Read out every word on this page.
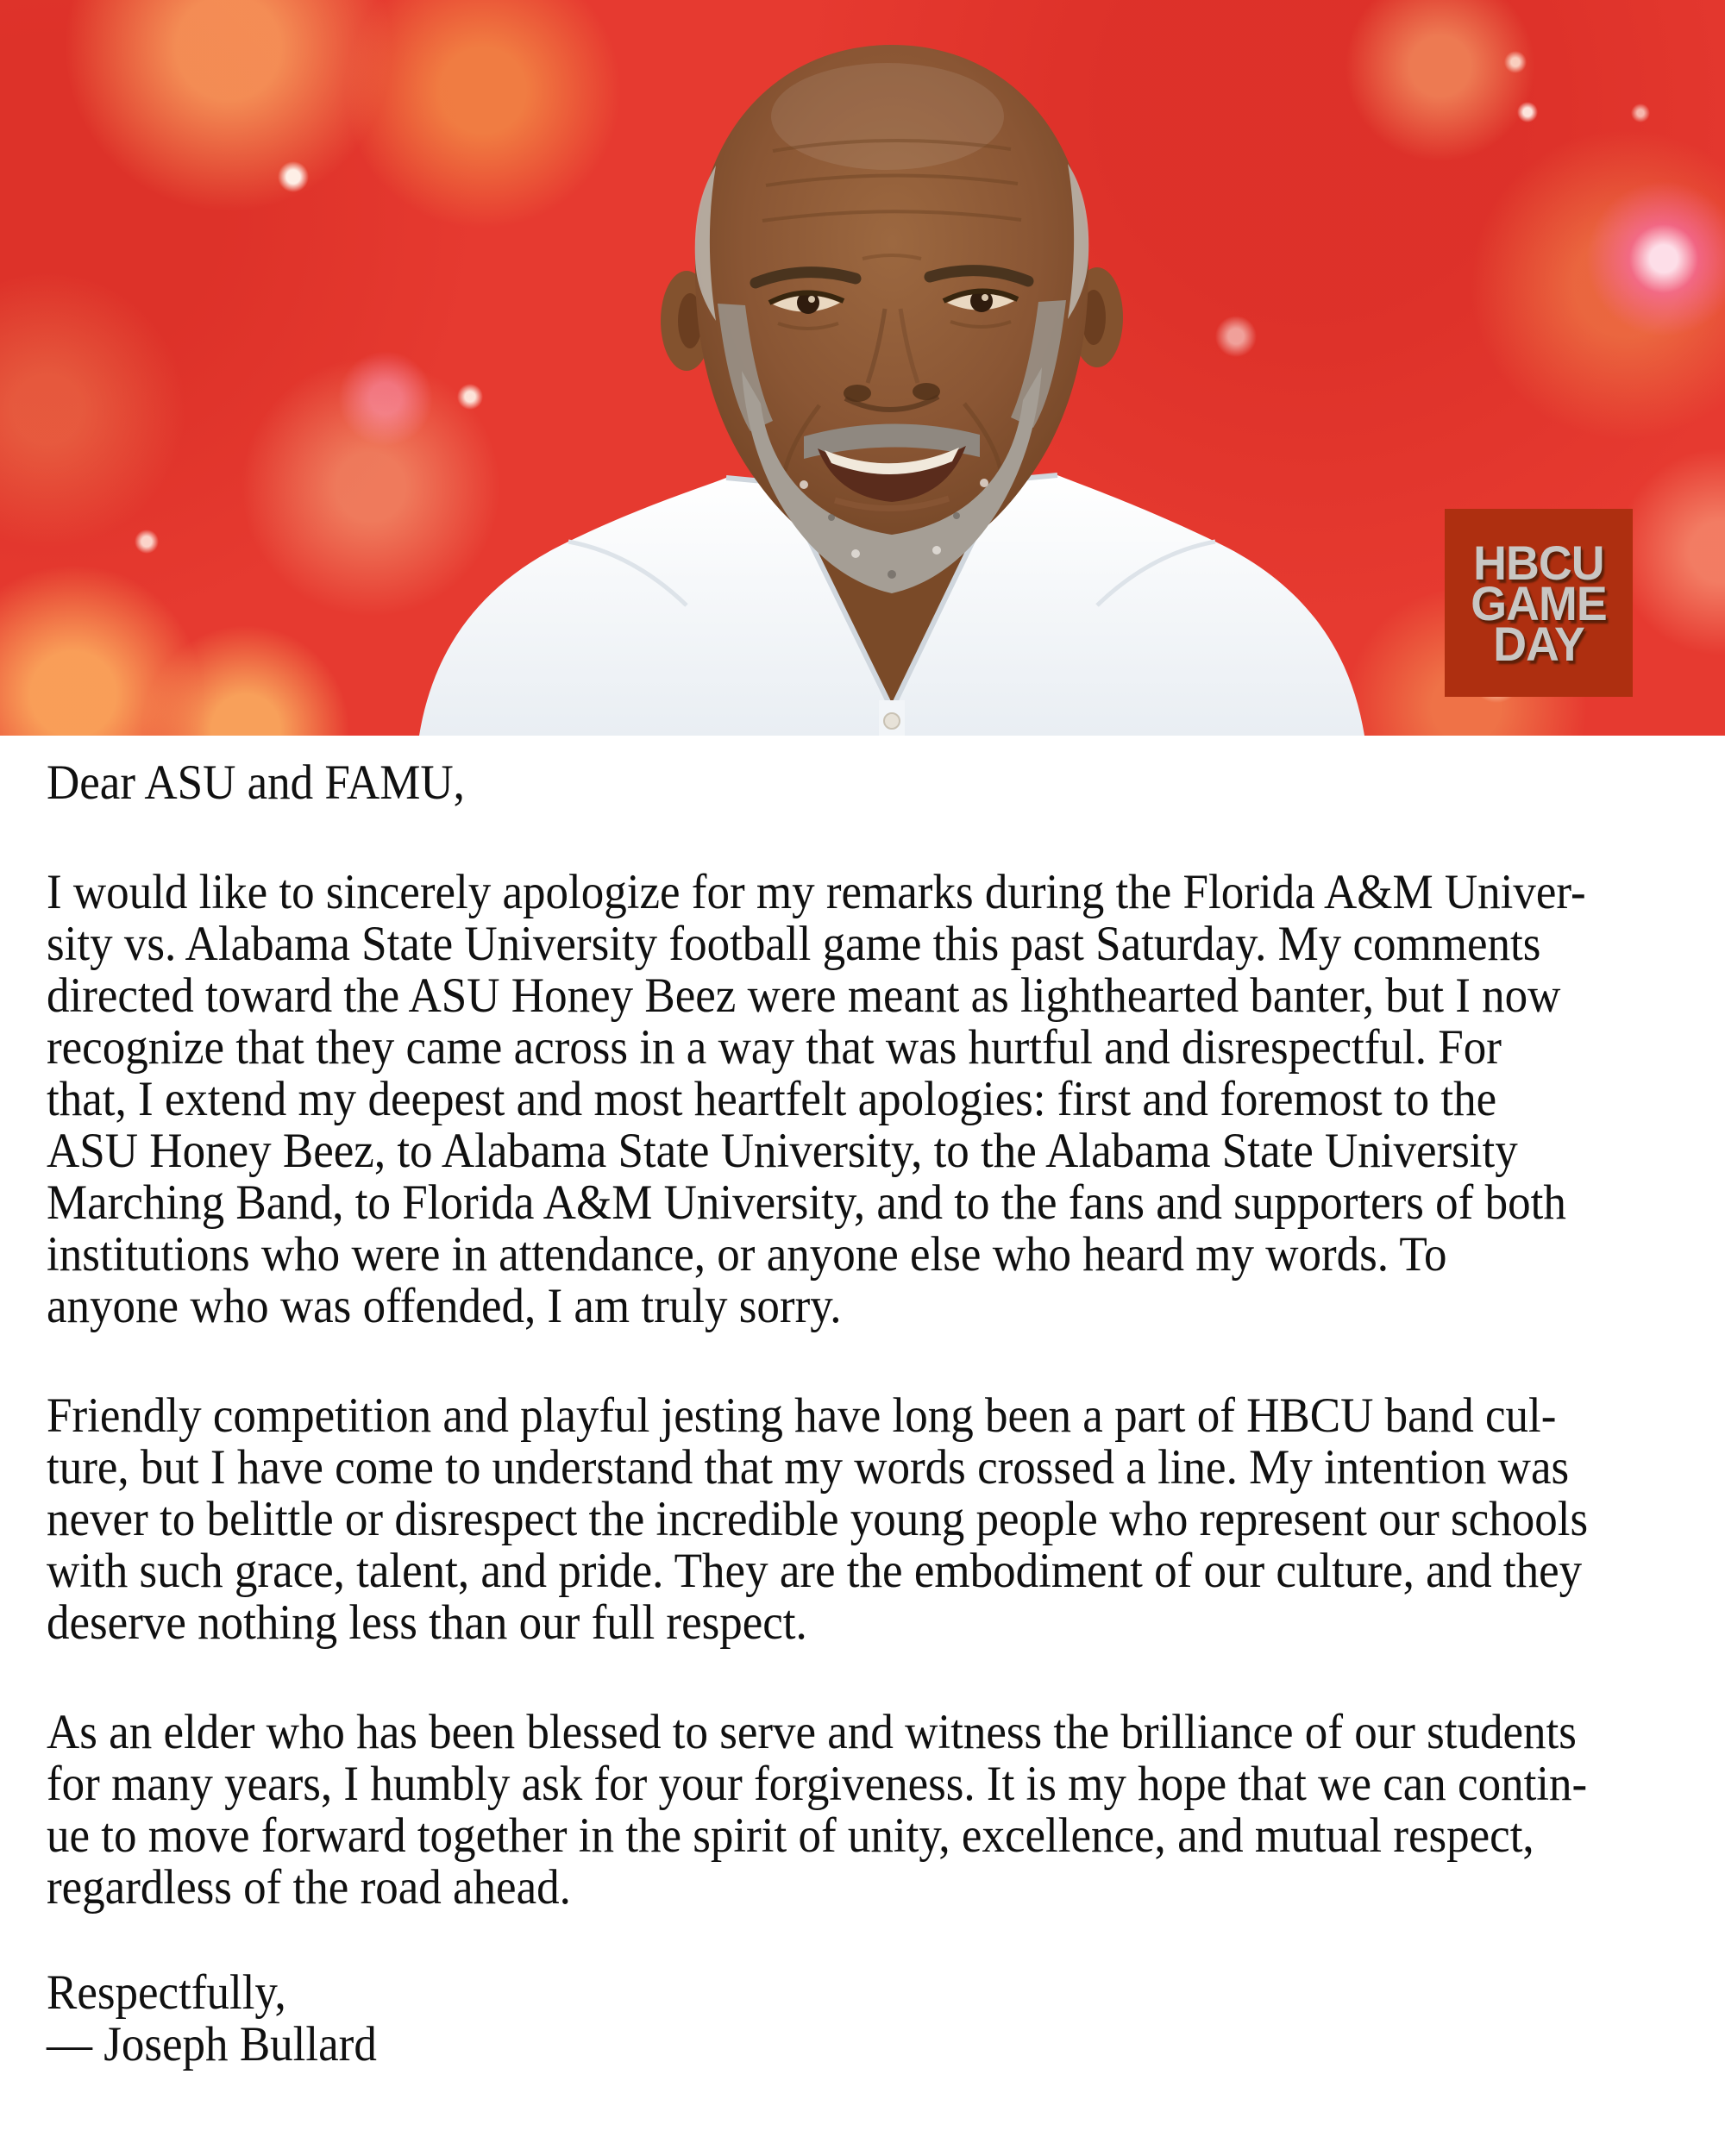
HBCU
GAME
DAY
Dear ASU and FAMU,
I would like to sincerely apologize for my remarks during the Florida A&M Univer-
sity vs. Alabama State University football game this past Saturday. My comments
directed toward the ASU Honey Beez were meant as lighthearted banter, but I now
recognize that they came across in a way that was hurtful and disrespectful. For
that, I extend my deepest and most heartfelt apologies: first and foremost to the
ASU Honey Beez, to Alabama State University, to the Alabama State University
Marching Band, to Florida A&M University, and to the fans and supporters of both
institutions who were in attendance, or anyone else who heard my words. To
anyone who was offended, I am truly sorry.
Friendly competition and playful jesting have long been a part of HBCU band cul-
ture, but I have come to understand that my words crossed a line. My intention was
never to belittle or disrespect the incredible young people who represent our schools
with such grace, talent, and pride. They are the embodiment of our culture, and they
deserve nothing less than our full respect.
As an elder who has been blessed to serve and witness the brilliance of our students
for many years, I humbly ask for your forgiveness. It is my hope that we can contin-
ue to move forward together in the spirit of unity, excellence, and mutual respect,
regardless of the road ahead.
Respectfully,
— Joseph Bullard
